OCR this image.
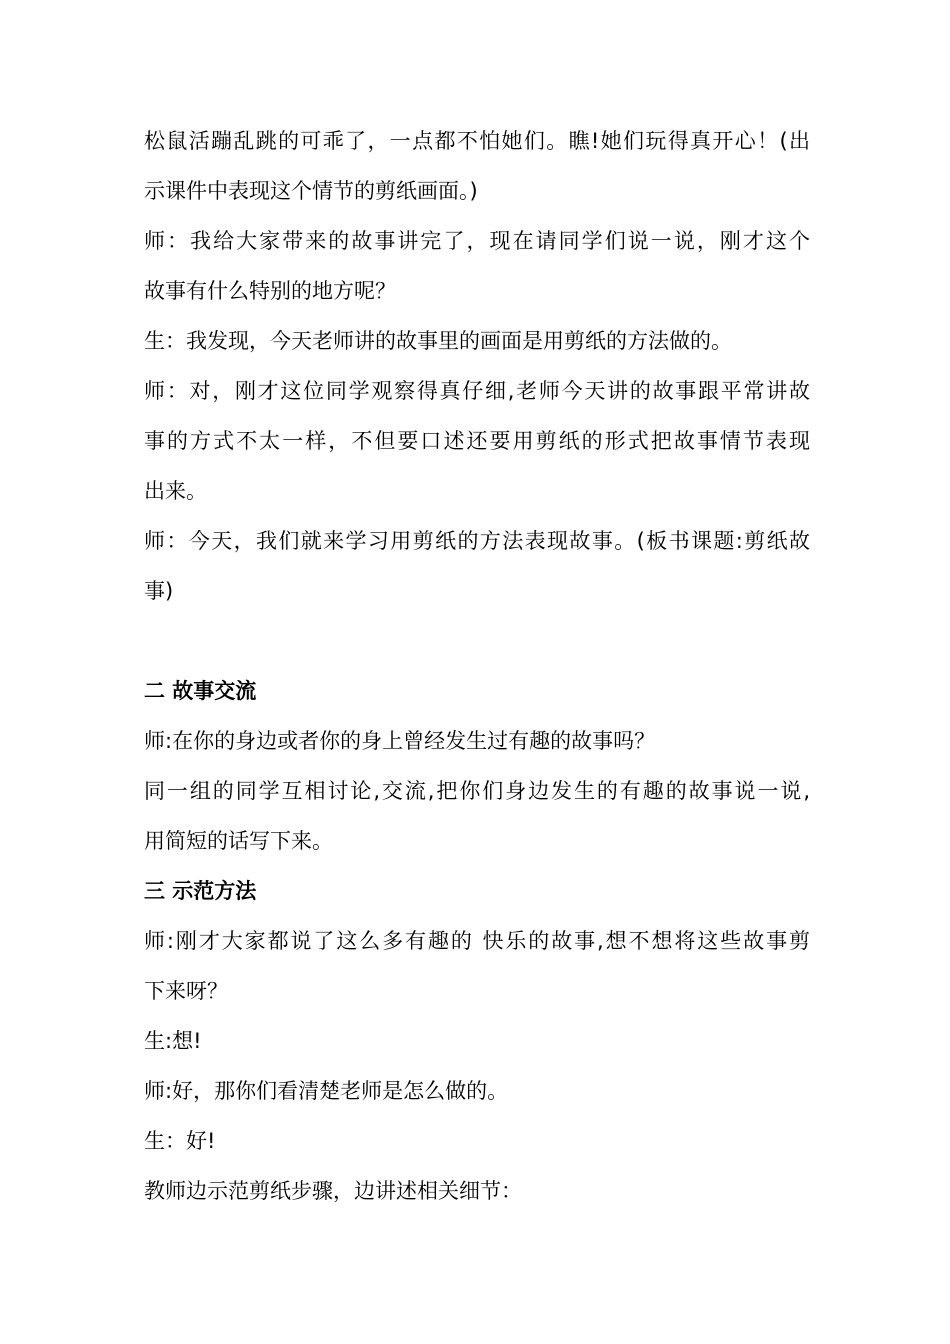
松鼠活蹦乱跳的可乖了，一点都不怕她们。瞧!她们玩得真开心！(出
示课件中表现这个情节的剪纸画面。)
师：我给大家带来的故事讲完了，现在请同学们说一说，刚才这个
故事有什么特别的地方呢？
生：我发现，今天老师讲的故事里的画面是用剪纸的方法做的。
师：对，刚才这位同学观察得真仔细,老师今天讲的故事跟平常讲故
事的方式不太一样，不但要口述还要用剪纸的形式把故事情节表现
出来。
师：今天，我们就来学习用剪纸的方法表现故事。(板书课题:剪纸故
事)
二 故事交流
师:在你的身边或者你的身上曾经发生过有趣的故事吗？
同一组的同学互相讨论,交流,把你们身边发生的有趣的故事说一说,
用简短的话写下来。
三 示范方法
师:刚才大家都说了这么多有趣的 快乐的故事,想不想将这些故事剪
下来呀？
生:想!
师:好，那你们看清楚老师是怎么做的。
生：好!
教师边示范剪纸步骤，边讲述相关细节：
